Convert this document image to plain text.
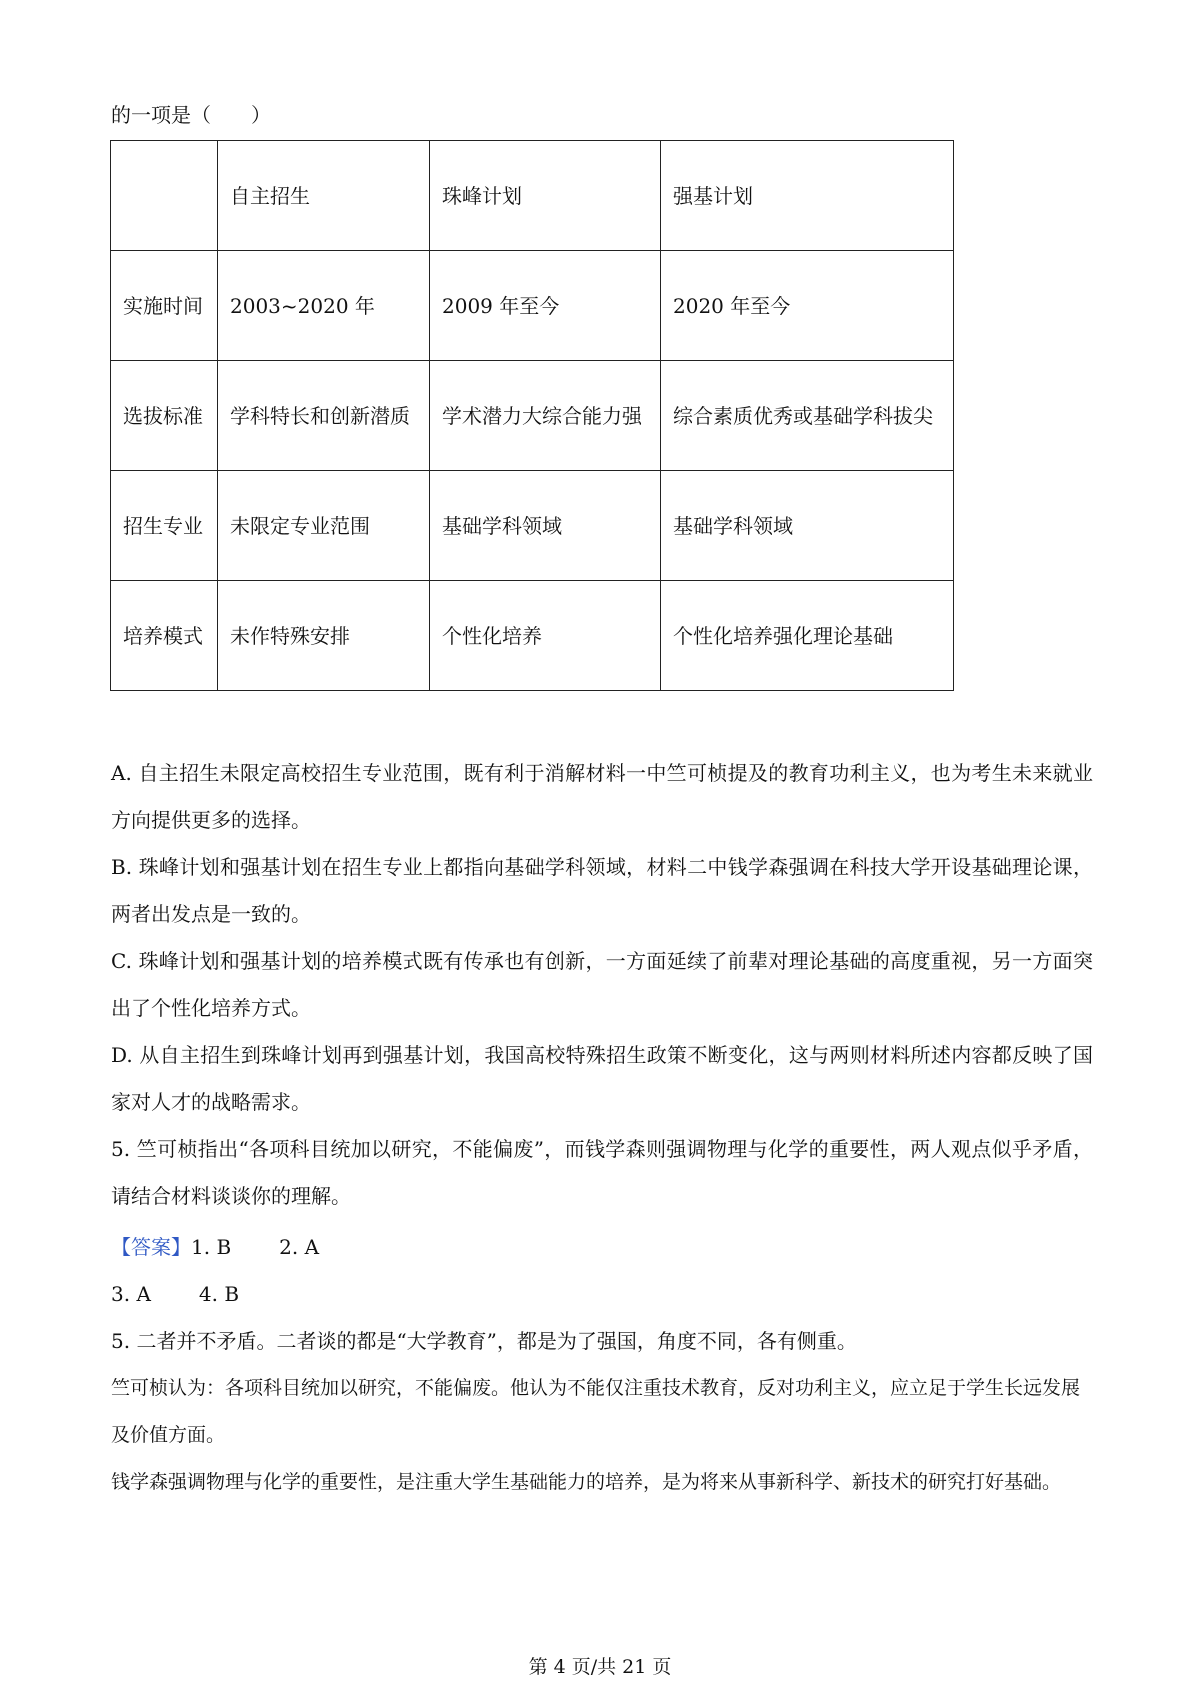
的一项是（　　）
	自主招生	珠峰计划	强基计划
实施时间	2003~2020 年	2009 年至今	2020 年至今
选拔标准	学科特长和创新潜质	学术潜力大综合能力强	综合素质优秀或基础学科拔尖
招生专业	未限定专业范围	基础学科领域	基础学科领域
培养模式	未作特殊安排	个性化培养	个性化培养强化理论基础

A. 自主招生未限定高校招生专业范围，既有利于消解材料一中竺可桢提及的教育功利主义，也为考生未来就业方向提供更多的选择。

B. 珠峰计划和强基计划在招生专业上都指向基础学科领域，材料二中钱学森强调在科技大学开设基础理论课，两者出发点是一致的。

C. 珠峰计划和强基计划的培养模式既有传承也有创新，一方面延续了前辈对理论基础的高度重视，另一方面突出了个性化培养方式。

D. 从自主招生到珠峰计划再到强基计划，我国高校特殊招生政策不断变化，这与两则材料所述内容都反映了国家对人才的战略需求。

5. 竺可桢指出“各项科目统加以研究，不能偏废”，而钱学森则强调物理与化学的重要性，两人观点似乎矛盾，请结合材料谈谈你的理解。

【答案】1. B 2. A

3. A 4. B

5. 二者并不矛盾。二者谈的都是“大学教育”，都是为了强国，角度不同，各有侧重。

竺可桢认为：各项科目统加以研究，不能偏废。他认为不能仅注重技术教育，反对功利主义，应立足于学生长远发展及价值方面。

钱学森强调物理与化学的重要性，是注重大学生基础能力的培养，是为将来从事新科学、新技术的研究打好基础。

第 4 页/共 21 页
